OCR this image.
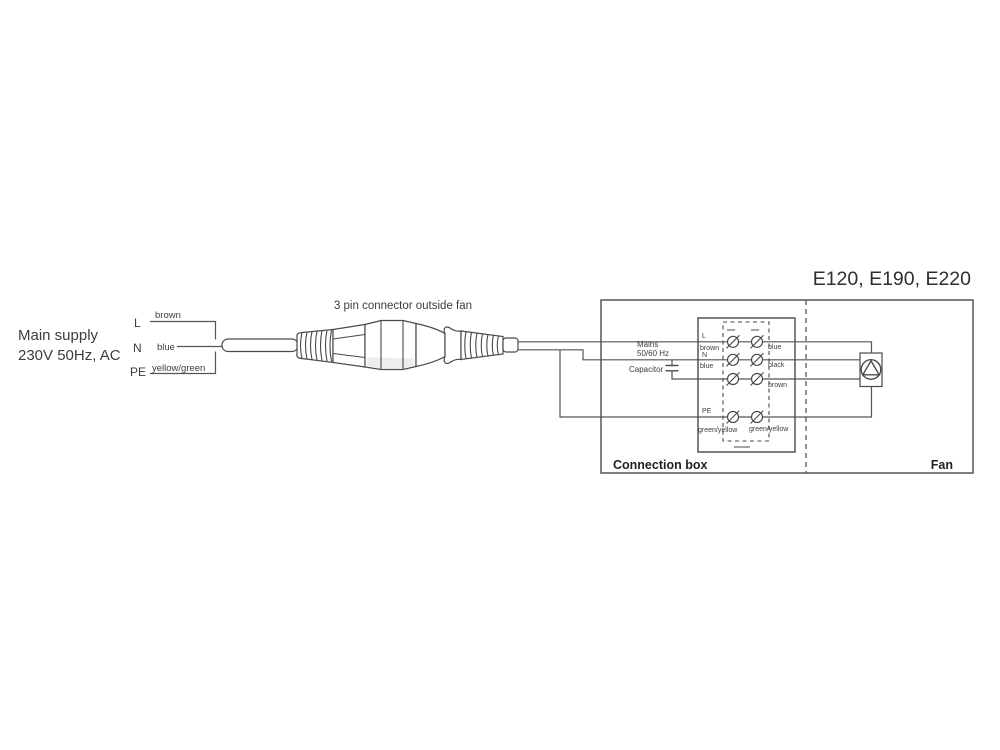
Main supply
230V 50Hz, AC
L
brown
N blue
PE yellow/green
3 pin connector outside fan
Capacitor
Mains
50/60 Hz
Connection box	Fan
E120, E190, E220
L
brown	blue
N
blue	black
brown
PE
green/yellow green/yellow
